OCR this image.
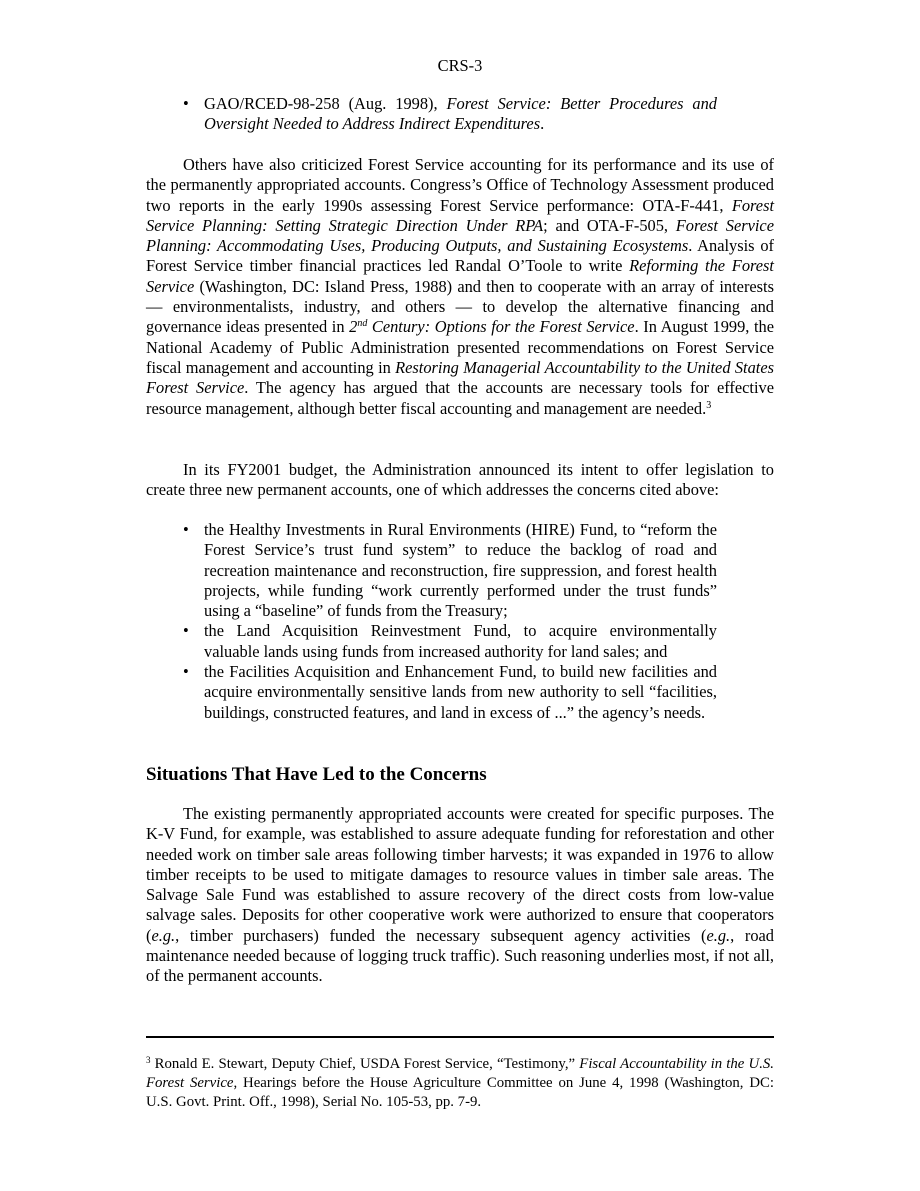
CRS-3
• GAO/RCED-98-258 (Aug. 1998), Forest Service: Better Procedures and Oversight Needed to Address Indirect Expenditures.

Others have also criticized Forest Service accounting for its performance and its use of the permanently appropriated accounts. Congress’s Office of Technology Assessment produced two reports in the early 1990s assessing Forest Service performance: OTA-F-441, Forest Service Planning: Setting Strategic Direction Under RPA; and OTA-F-505, Forest Service Planning: Accommodating Uses, Producing Outputs, and Sustaining Ecosystems. Analysis of Forest Service timber financial practices led Randal O’Toole to write Reforming the Forest Service (Washington, DC: Island Press, 1988) and then to cooperate with an array of interests — environmentalists, industry, and others — to develop the alternative financing and governance ideas presented in 2nd Century: Options for the Forest Service. In August 1999, the National Academy of Public Administration presented recommendations on Forest Service fiscal management and accounting in Restoring Managerial Accountability to the United States Forest Service. The agency has argued that the accounts are necessary tools for effective resource management, although better fiscal accounting and management are needed.$^3$

In its FY2001 budget, the Administration announced its intent to offer legislation to create three new permanent accounts, one of which addresses the concerns cited above:

• the Healthy Investments in Rural Environments (HIRE) Fund, to “reform the Forest Service’s trust fund system” to reduce the backlog of road and recreation maintenance and reconstruction, fire suppression, and forest health projects, while funding “work currently performed under the trust funds” using a “baseline” of funds from the Treasury;
• the Land Acquisition Reinvestment Fund, to acquire environmentally valuable lands using funds from increased authority for land sales; and
• the Facilities Acquisition and Enhancement Fund, to build new facilities and acquire environmentally sensitive lands from new authority to sell “facilities, buildings, constructed features, and land in excess of ...” the agency’s needs.
Situations That Have Led to the Concerns

The existing permanently appropriated accounts were created for specific purposes. The K-V Fund, for example, was established to assure adequate funding for reforestation and other needed work on timber sale areas following timber harvests; it was expanded in 1976 to allow timber receipts to be used to mitigate damages to resource values in timber sale areas. The Salvage Sale Fund was established to assure recovery of the direct costs from low-value salvage sales. Deposits for other cooperative work were authorized to ensure that cooperators (e.g., timber purchasers) funded the necessary subsequent agency activities (e.g., road maintenance needed because of logging truck traffic). Such reasoning underlies most, if not all, of the permanent accounts.

$^3$ Ronald E. Stewart, Deputy Chief, USDA Forest Service, “Testimony,” Fiscal Accountability in the U.S. Forest Service, Hearings before the House Agriculture Committee on June 4, 1998 (Washington, DC: U.S. Govt. Print. Off., 1998), Serial No. 105-53, pp. 7-9.
